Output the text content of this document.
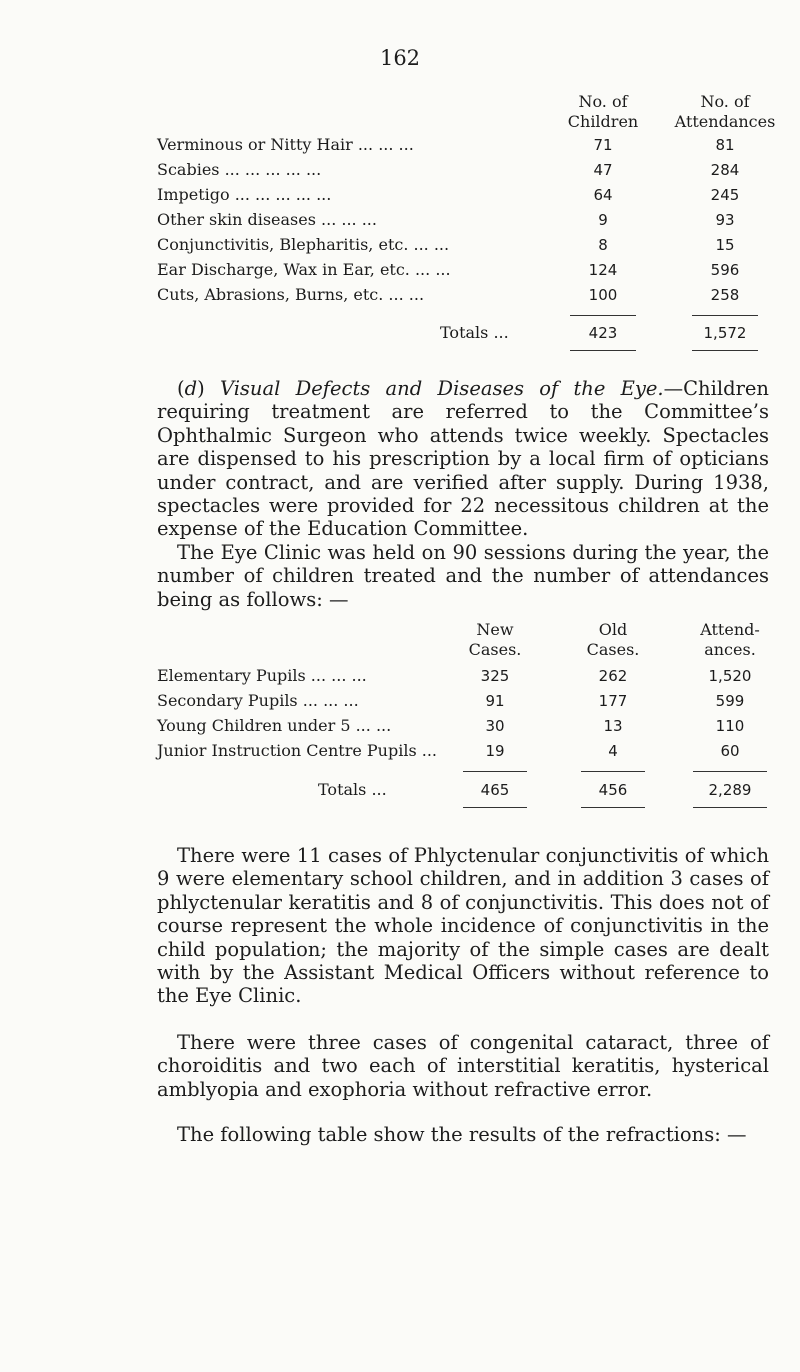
162
No. of
Children
No. of
Attendances
Verminous or Nitty Hair ... ... ...	71	81
Scabies ... ... ... ... ...	47	284
Impetigo ... ... ... ... ...	64	245
Other skin diseases ... ... ...	9	93
Conjunctivitis, Blepharitis, etc. ... ...	8	15
Ear Discharge, Wax in Ear, etc. ... ...	124	596
Cuts, Abrasions, Burns, etc. ... ...	100	258
Totals ...	423	1,572

(d) Visual Defects and Diseases of the Eye.—Children requiring treatment are referred to the Committee’s Ophthalmic Surgeon who attends twice weekly. Spectacles are dispensed to his prescription by a local firm of opticians under contract, and are verified after supply. During 1938, spectacles were provided for 22 necessitous children at the expense of the Education Committee.

The Eye Clinic was held on 90 sessions during the year, the number of children treated and the number of attendances being as follows: —

New
Cases.
Old
Cases.
Attend-
ances.
Elementary Pupils ... ... ...	325	262	1,520
Secondary Pupils ... ... ...	91	177	599
Young Children under 5 ... ...	30	13	110
Junior Instruction Centre Pupils ...	19	4	60
Totals ...	465	456	2,289

There were 11 cases of Phlyctenular conjunctivitis of which 9 were elementary school children, and in addition 3 cases of phlyctenular keratitis and 8 of conjunctivitis. This does not of course represent the whole incidence of conjunctivitis in the child population; the majority of the simple cases are dealt with by the Assistant Medical Officers without reference to the Eye Clinic.

There were three cases of congenital cataract, three of choroiditis and two each of interstitial keratitis, hysterical amblyopia and exophoria without refractive error.

The following table show the results of the refractions: —
